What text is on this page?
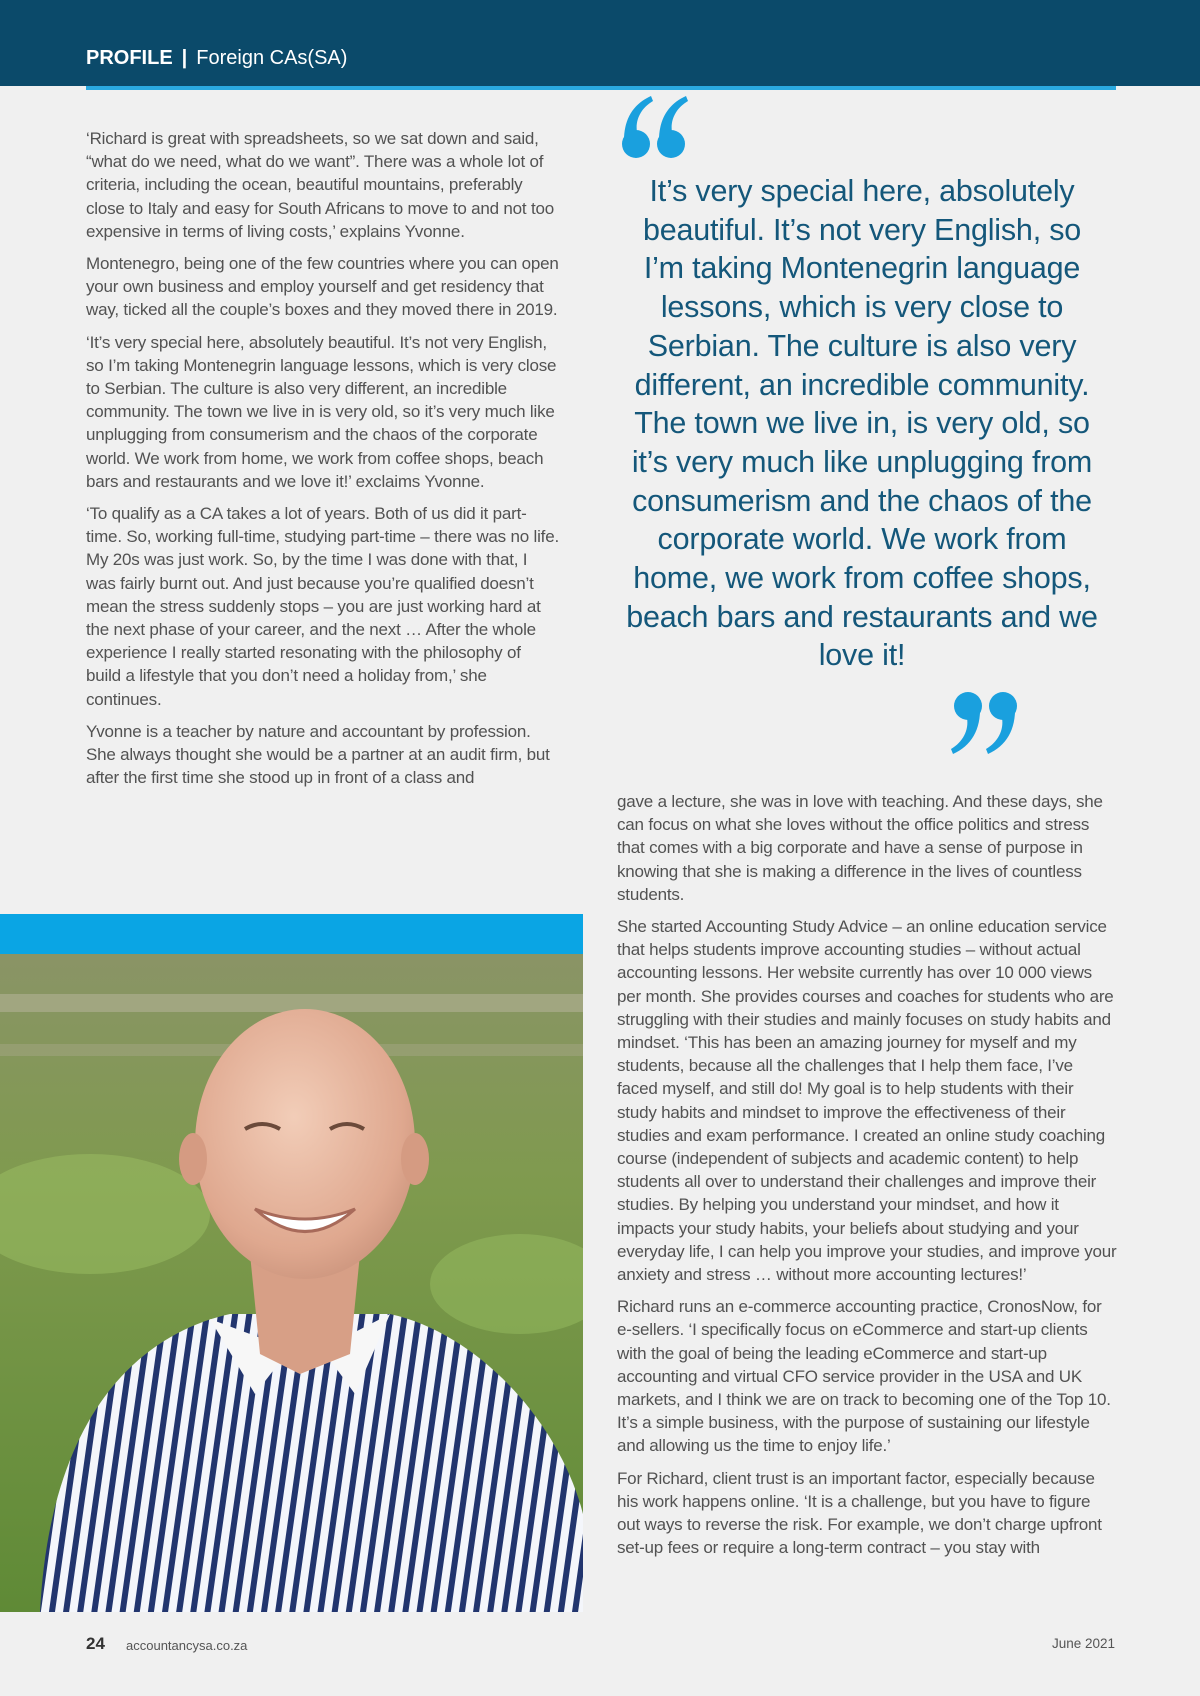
PROFILE | Foreign CAs(SA)

‘Richard is great with spreadsheets, so we sat down and said, “what do we need, what do we want”. There was a whole lot of criteria, including the ocean, beautiful mountains, preferably close to Italy and easy for South Africans to move to and not too expensive in terms of living costs,’ explains Yvonne.

Montenegro, being one of the few countries where you can open your own business and employ yourself and get residency that way, ticked all the couple’s boxes and they moved there in 2019.

‘It’s very special here, absolutely beautiful. It’s not very English, so I’m taking Montenegrin language lessons, which is very close to Serbian. The culture is also very different, an incredible community. The town we live in is very old, so it’s very much like unplugging from consumerism and the chaos of the corporate world. We work from home, we work from coffee shops, beach bars and restaurants and we love it!’ exclaims Yvonne.

‘To qualify as a CA takes a lot of years. Both of us did it part-time. So, working full-time, studying part-time – there was no life. My 20s was just work. So, by the time I was done with that, I was fairly burnt out. And just because you’re qualified doesn’t mean the stress suddenly stops – you are just working hard at the next phase of your career, and the next … After the whole experience I really started resonating with the philosophy of build a lifestyle that you don’t need a holiday from,’ she continues.

Yvonne is a teacher by nature and accountant by profession. She always thought she would be a partner at an audit firm, but after the first time she stood up in front of a class and

It’s very special here, absolutely beautiful. It’s not very English, so I’m taking Montenegrin language lessons, which is very close to Serbian. The culture is also very different, an incredible community. The town we live in, is very old, so it’s very much like unplugging from consumerism and the chaos of the corporate world. We work from home, we work from coffee shops, beach bars and restaurants and we love it!

gave a lecture, she was in love with teaching. And these days, she can focus on what she loves without the office politics and stress that comes with a big corporate and have a sense of purpose in knowing that she is making a difference in the lives of countless students.

She started Accounting Study Advice – an online education service that helps students improve accounting studies – without actual accounting lessons. Her website currently has over 10 000 views per month. She provides courses and coaches for students who are struggling with their studies and mainly focuses on study habits and mindset. ‘This has been an amazing journey for myself and my students, because all the challenges that I help them face, I’ve faced myself, and still do! My goal is to help students with their study habits and mindset to improve the effectiveness of their studies and exam performance. I created an online study coaching course (independent of subjects and academic content) to help students all over to understand their challenges and improve their studies. By helping you understand your mindset, and how it impacts your study habits, your beliefs about studying and your everyday life, I can help you improve your studies, and improve your anxiety and stress … without more accounting lectures!’

Richard runs an e-commerce accounting practice, CronosNow, for e-sellers. ‘I specifically focus on eCommerce and start-up clients with the goal of being the leading eCommerce and start-up accounting and virtual CFO service provider in the USA and UK markets, and I think we are on track to becoming one of the Top 10. It’s a simple business, with the purpose of sustaining our lifestyle and allowing us the time to enjoy life.’

For Richard, client trust is an important factor, especially because his work happens online. ‘It is a challenge, but you have to figure out ways to reverse the risk. For example, we don’t charge upfront set-up fees or require a long-term contract – you stay with

24 accountancysa.co.za	June 2021
